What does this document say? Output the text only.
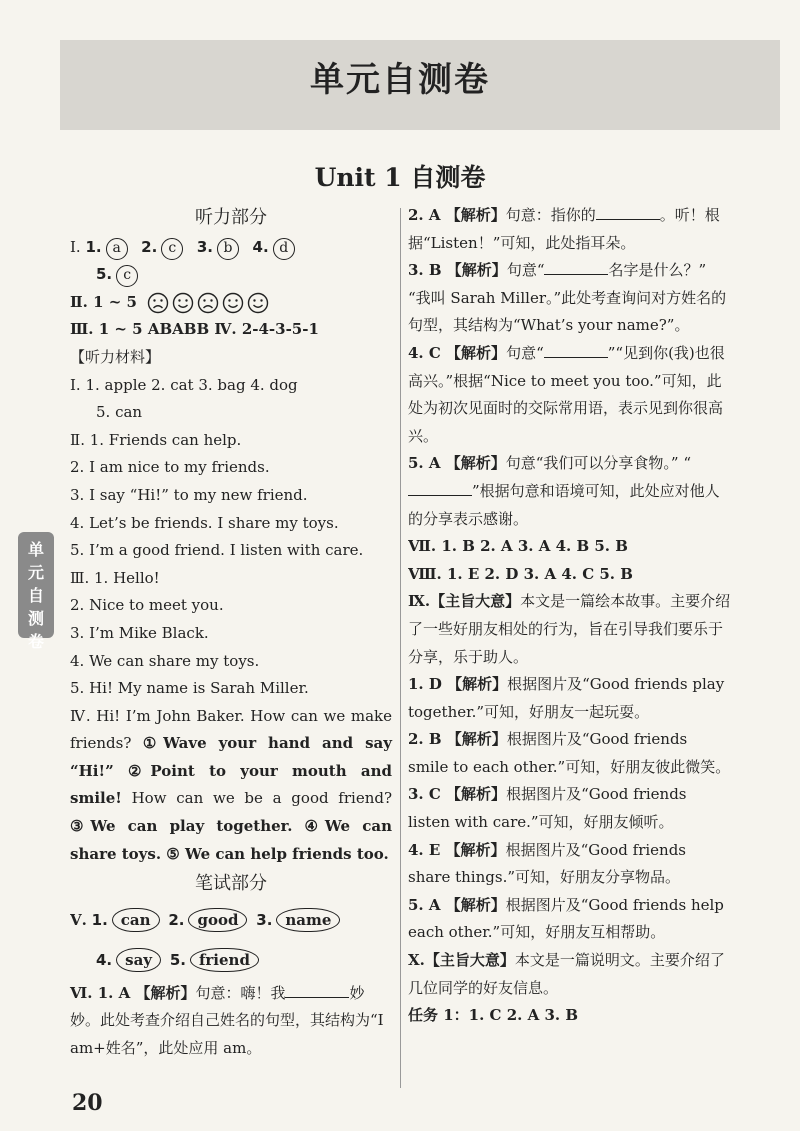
单元自测卷
Unit 1 自测卷
听力部分
Ⅰ. 1. a 2. c 3. b 4. d
5. c
Ⅱ. 1 ~ 5
Ⅲ. 1 ~ 5 ABABB Ⅳ. 2-4-3-5-1
【听力材料】
Ⅰ. 1. apple 2. cat 3. bag 4. dog
5. can
Ⅱ. 1. Friends can help.
2. I am nice to my friends.
3. I say “Hi!” to my new friend.
4. Let’s be friends. I share my toys.
5. I’m a good friend. I listen with care.
Ⅲ. 1. Hello!
2. Nice to meet you.
3. I’m Mike Black.
4. We can share my toys.
5. Hi! My name is Sarah Miller.
Ⅳ. Hi! I’m John Baker. How can we make friends? ①Wave your hand and say “Hi!” ②Point to your mouth and smile! How can we be a good friend? ③We can play together. ④We can share toys. ⑤ We can help friends too.
笔试部分
Ⅴ. 1. can 2. good 3. name
4. say 5. friend
Ⅵ. 1. A 【解析】句意：嗨！我	妙妙。此处考查介绍自己姓名的句型，其结构为“I am+姓名”，此处应用 am。
2. A 【解析】句意：指你的	。听！根据“Listen！”可知，此处指耳朵。
3. B 【解析】句意“	名字是什么？” “我叫 Sarah Miller。”此处考查询问对方姓名的句型，其结构为“What’s your name?”。
4. C 【解析】句意“	”“见到你(我)也很高兴。”根据“Nice to meet you too.”可知，此处为初次见面时的交际常用语，表示见到你很高兴。
5. A 【解析】句意“我们可以分享食物。” “”根据句意和语境可知，此处应对他人的分享表示感谢。
Ⅶ. 1. B 2. A 3. A 4. B 5. B
Ⅷ. 1. E 2. D 3. A 4. C 5. B
Ⅸ.【主旨大意】本文是一篇绘本故事。主要介绍了一些好朋友相处的行为，旨在引导我们要乐于分享，乐于助人。
1. D 【解析】根据图片及“Good friends play together.”可知，好朋友一起玩耍。
2. B 【解析】根据图片及“Good friends smile to each other.”可知，好朋友彼此微笑。
3. C 【解析】根据图片及“Good friends listen with care.”可知，好朋友倾听。
4. E 【解析】根据图片及“Good friends share things.”可知，好朋友分享物品。
5. A 【解析】根据图片及“Good friends help each other.”可知，好朋友互相帮助。
Ⅹ.【主旨大意】本文是一篇说明文。主要介绍了几位同学的好友信息。
任务 1：1. C 2. A 3. B
单
元
自
测
卷
20
